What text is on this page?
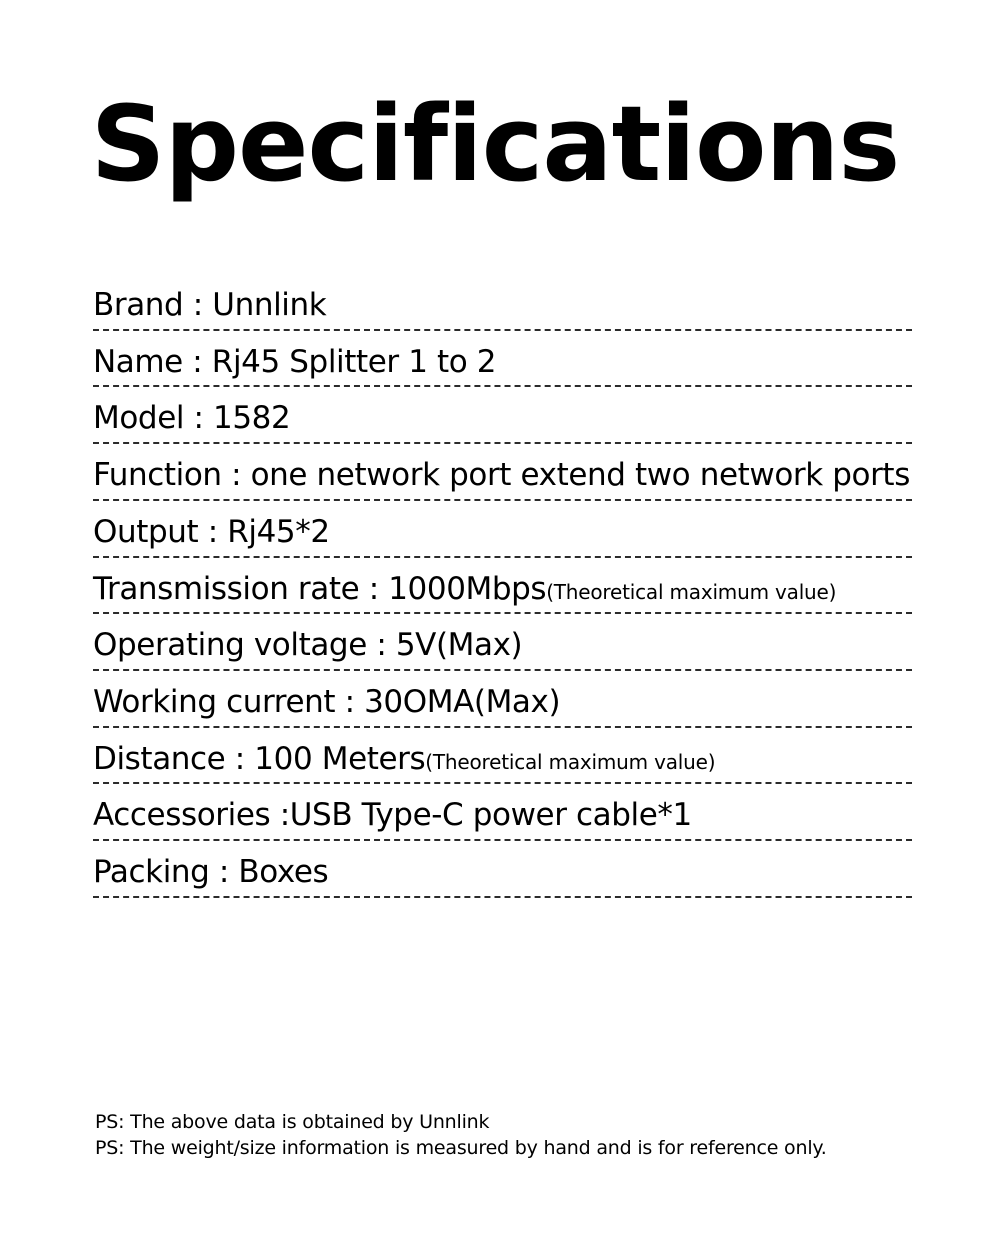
Specifications
Brand : Unnlink
Name : Rj45 Splitter 1 to 2
Model : 1582
Function : one network port extend two network ports
Output : Rj45*2
Transmission rate : 1000Mbps(Theoretical maximum value)
Operating voltage : 5V(Max)
Working current : 30OMA(Max)
Distance : 100 Meters(Theoretical maximum value)
Accessories :USB Type-C power cable*1
Packing : Boxes
PS: The above data is obtained by Unnlink
PS: The weight/size information is measured by hand and is for reference only.
